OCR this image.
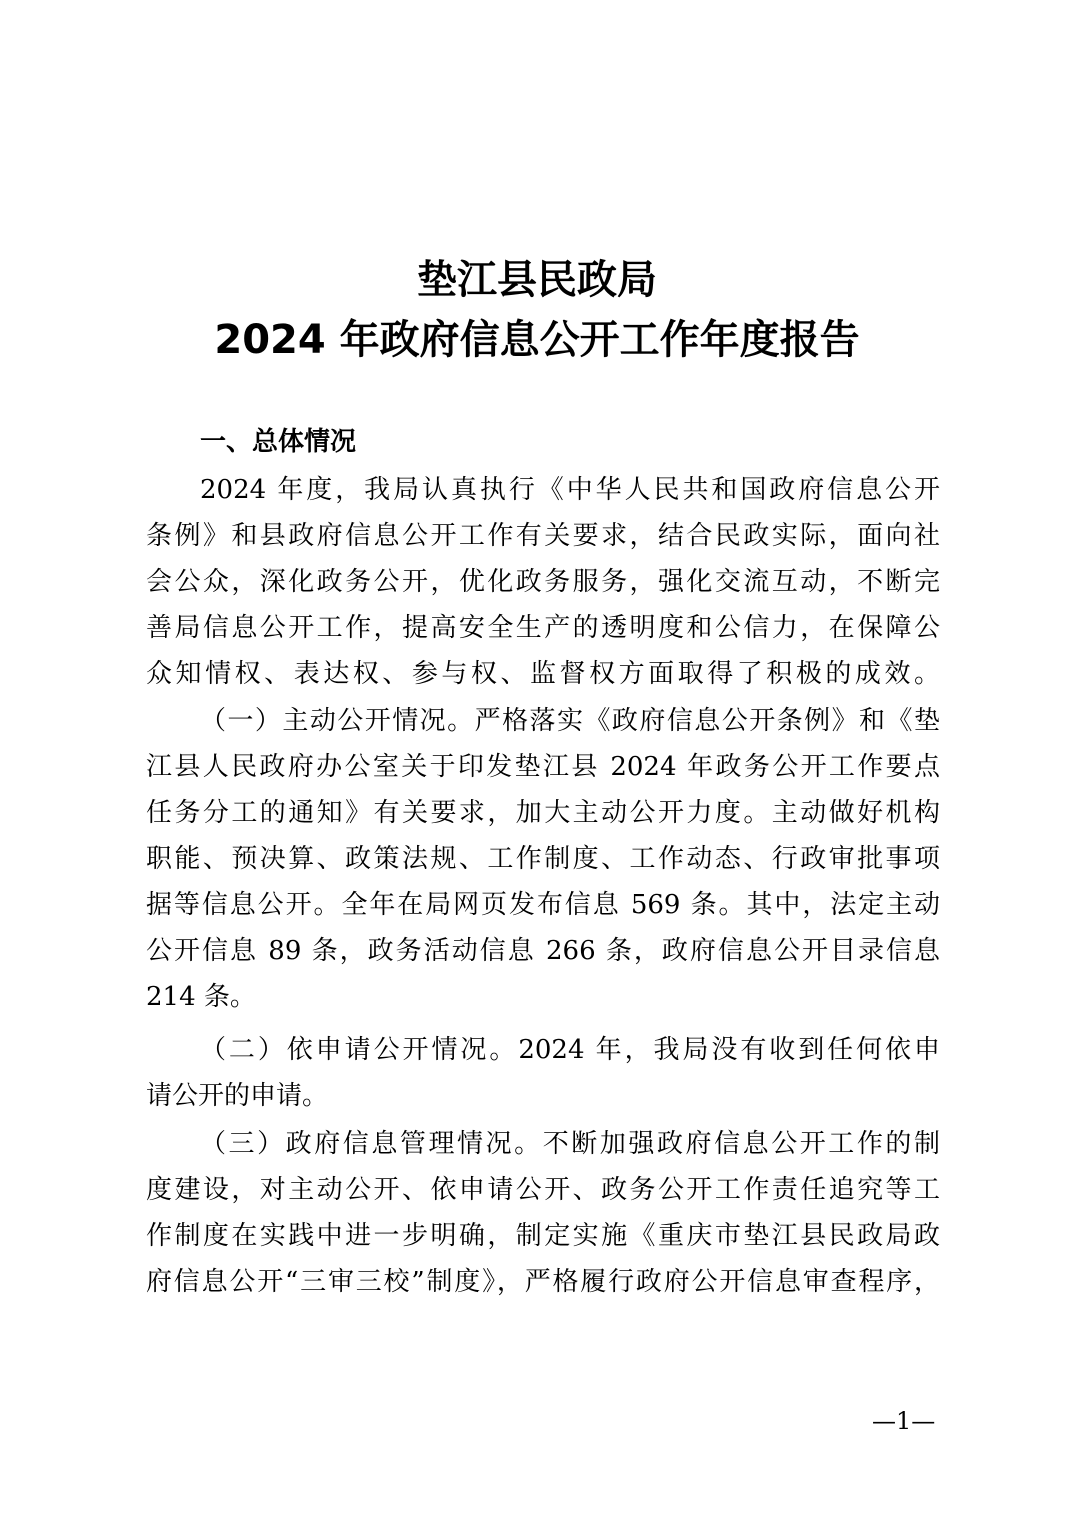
垫江县民政局
2024 年政府信息公开工作年度报告
一、总体情况
2024 年度，我局认真执行《中华人民共和国政府信息公开
条例》和县政府信息公开工作有关要求，结合民政实际，面向社
会公众，深化政务公开，优化政务服务，强化交流互动，不断完
善局信息公开工作，提高安全生产的透明度和公信力，在保障公
众知情权、表达权、参与权、监督权方面取得了积极的成效。
（一）主动公开情况。严格落实《政府信息公开条例》和《垫
江县人民政府办公室关于印发垫江县 2024 年政务公开工作要点
任务分工的通知》有关要求，加大主动公开力度。主动做好机构
职能、预决算、政策法规、工作制度、工作动态、行政审批事项
据等信息公开。全年在局网页发布信息 569 条。其中，法定主动
公开信息 89 条，政务活动信息 266 条，政府信息公开目录信息
214 条。
（二）依申请公开情况。2024 年，我局没有收到任何依申
请公开的申请。
（三）政府信息管理情况。不断加强政府信息公开工作的制
度建设，对主动公开、依申请公开、政务公开工作责任追究等工
作制度在实践中进一步明确，制定实施《重庆市垫江县民政局政
府信息公开“三审三校”制度》，严格履行政府公开信息审查程序，
—1—
